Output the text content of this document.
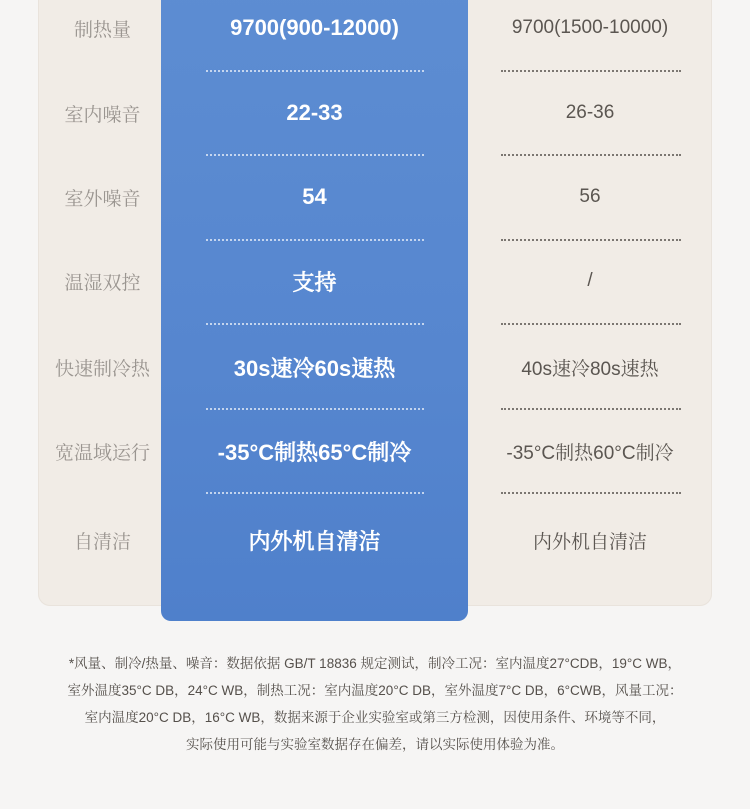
制热量	9700(900-12000)	9700(1500-10000)
室内噪音	22-33	26-36
室外噪音	54	56
温湿双控	支持	/
快速制冷热	30s速冷60s速热	40s速冷80s速热
宽温域运行	-35°C制热65°C制冷	-35°C制热60°C制冷
自清洁	内外机自清洁	内外机自清洁
*风量、制冷/热量、噪音：数据依据 GB/T 18836 规定测试，制冷工况：室内温度27°CDB，19°C WB，
室外温度35°C DB，24°C WB，制热工况：室内温度20°C DB，室外温度7°C DB，6°CWB，风量工况：
室内温度20°C DB，16°C WB，数据来源于企业实验室或第三方检测，因使用条件、环境等不同，
实际使用可能与实验室数据存在偏差，请以实际使用体验为准。
